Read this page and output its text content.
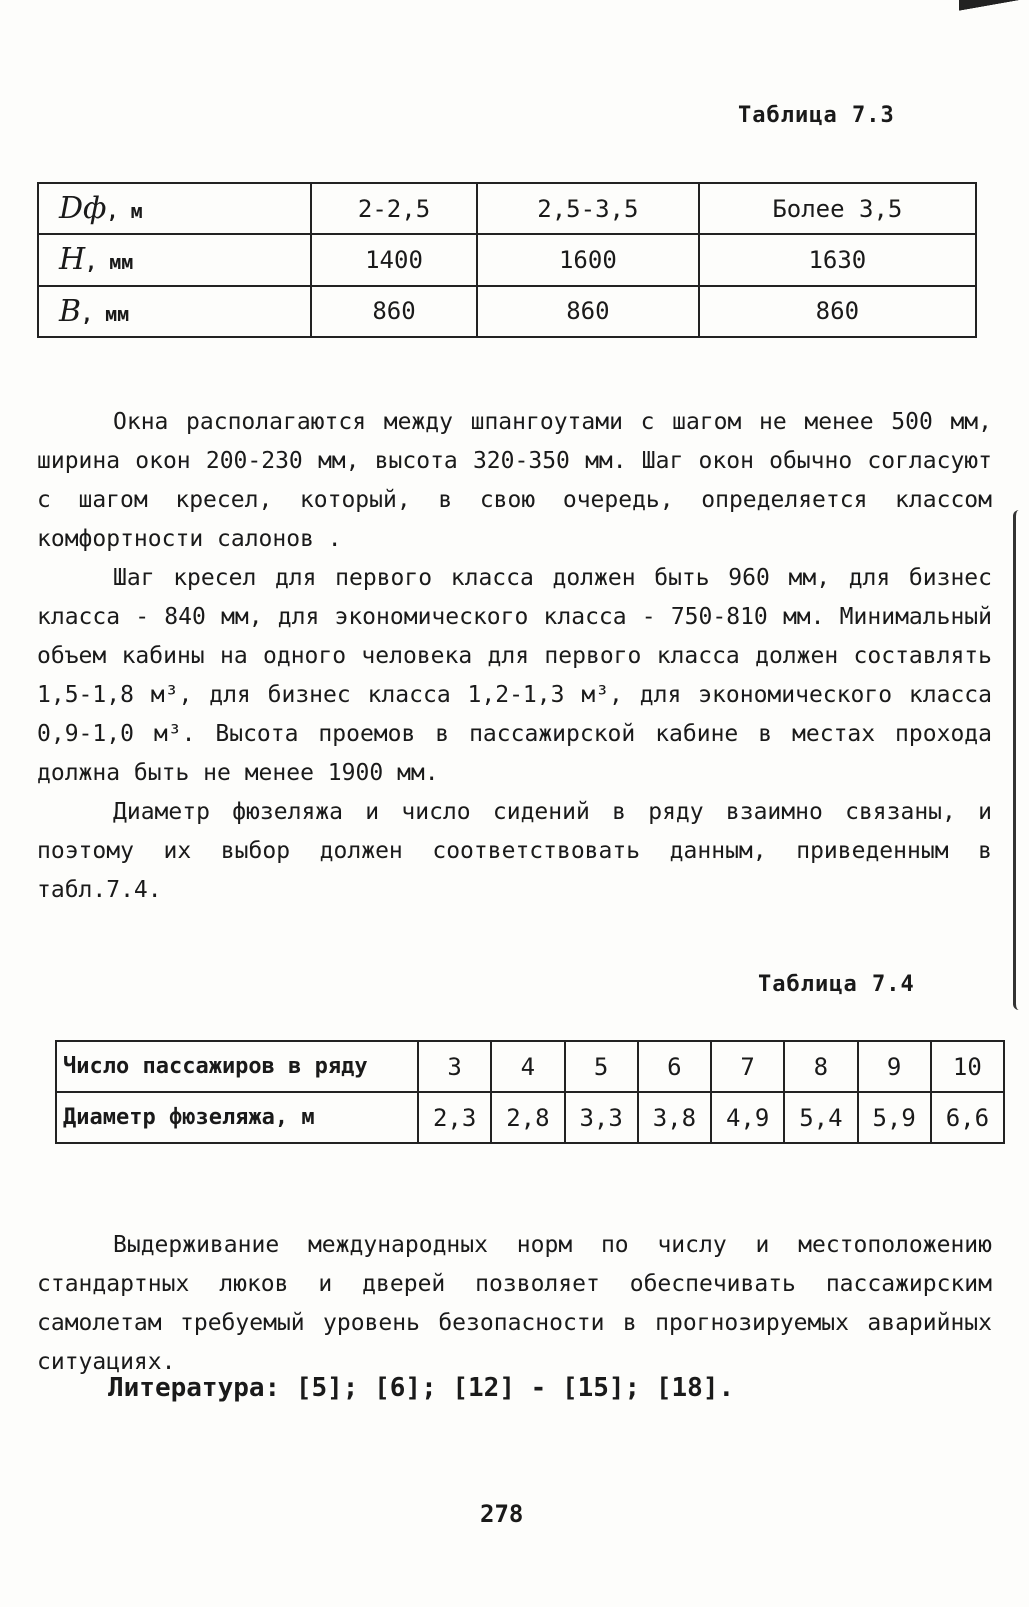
Таблица 7.3
Dф, м	2-2,5	2,5-3,5	Более 3,5
H, мм	1400	1600	1630
B, мм	860	860	860

Окна располагаются между шпангоутами с шагом не менее 500 мм, ширина окон 200-230 мм, высота 320-350 мм. Шаг окон обычно согласуют с шагом кресел, который, в свою очередь, определяется классом комфортности салонов .

Шаг кресел для первого класса должен быть 960 мм, для бизнес класса - 840 мм, для экономического класса - 750-810 мм. Минимальный объем кабины на одного человека для первого класса должен составлять 1,5-1,8 м³, для бизнес класса 1,2-1,3 м³, для экономического класса 0,9-1,0 м³. Высота проемов в пассажирской кабине в местах прохода должна быть не менее 1900 мм.

Диаметр фюзеляжа и число сидений в ряду взаимно связаны, и поэтому их выбор должен соответствовать данным, приведенным в табл.7.4.

Таблица 7.4
Число пассажиров в ряду	3	4	5	6	7	8	9	10
Диаметр фюзеляжа, м	2,3	2,8	3,3	3,8	4,9	5,4	5,9	6,6

Выдерживание международных норм по числу и местоположению стандартных люков и дверей позволяет обеспечивать пассажирским самолетам требуемый уровень безопасности в прогнозируемых аварийных ситуациях.

Литература: [5]; [6]; [12] - [15]; [18].
278
